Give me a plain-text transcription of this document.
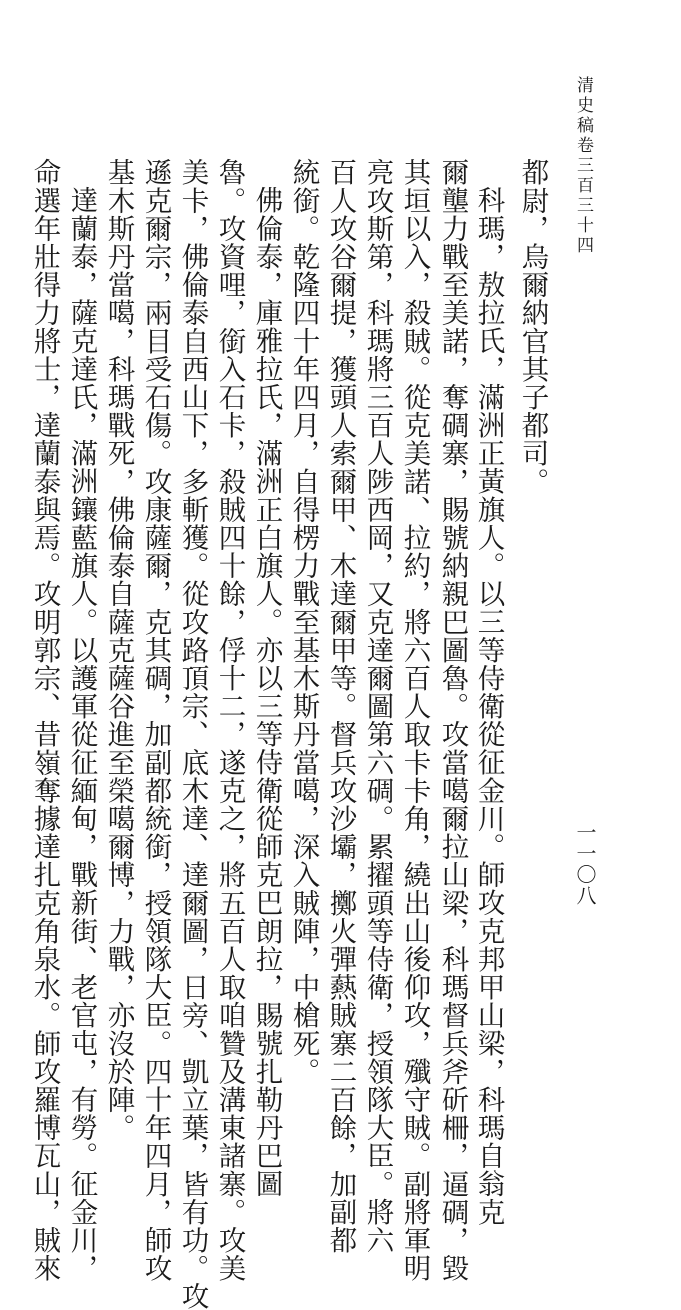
清史稿卷三百三十四
一一〇八
都尉，烏爾納官其子都司。
科瑪，敖拉氏，滿洲正黃旗人。以三等侍衛從征金川。師攻克邦甲山梁，科瑪自翁克
爾壟力戰至美諾，奪碉寨，賜號納親巴圖魯。攻當噶爾拉山梁，科瑪督兵斧斫柵，逼碉，毀
其垣以入，殺賊。從克美諾、拉約，將六百人取卡卡角，繞出山後仰攻，殲守賊。副將軍明
亮攻斯第，科瑪將三百人陟西岡，又克達爾圖第六碉。累擢頭等侍衛，授領隊大臣。將六
百人攻谷爾提，獲頭人索爾甲、木達爾甲等。督兵攻沙壩，擲火彈爇賊寨二百餘，加副都
統銜。乾隆四十年四月，自得楞力戰至基木斯丹當噶，深入賊陣，中槍死。
佛倫泰，庫雅拉氏，滿洲正白旗人。亦以三等侍衛從師克巴朗拉，賜號扎勒丹巴圖
魯。攻資哩，銜入石卡，殺賊四十餘，俘十二，遂克之，將五百人取咱贊及溝東諸寨。攻美
美卡，佛倫泰自西山下，多斬獲。從攻路頂宗、底木達、達爾圖，日旁、凱立葉，皆有功。攻
遜克爾宗，兩目受石傷。攻康薩爾，克其碉，加副都統銜，授領隊大臣。四十年四月，師攻
基木斯丹當噶，科瑪戰死，佛倫泰自薩克薩谷進至榮噶爾博，力戰，亦沒於陣。
達蘭泰，薩克達氏，滿洲鑲藍旗人。以護軍從征緬甸，戰新街、老官屯，有勞。征金川，
命選年壯得力將士，達蘭泰與焉。攻明郭宗、昔嶺奪據達扎克角泉水。師攻羅博瓦山，賊來
